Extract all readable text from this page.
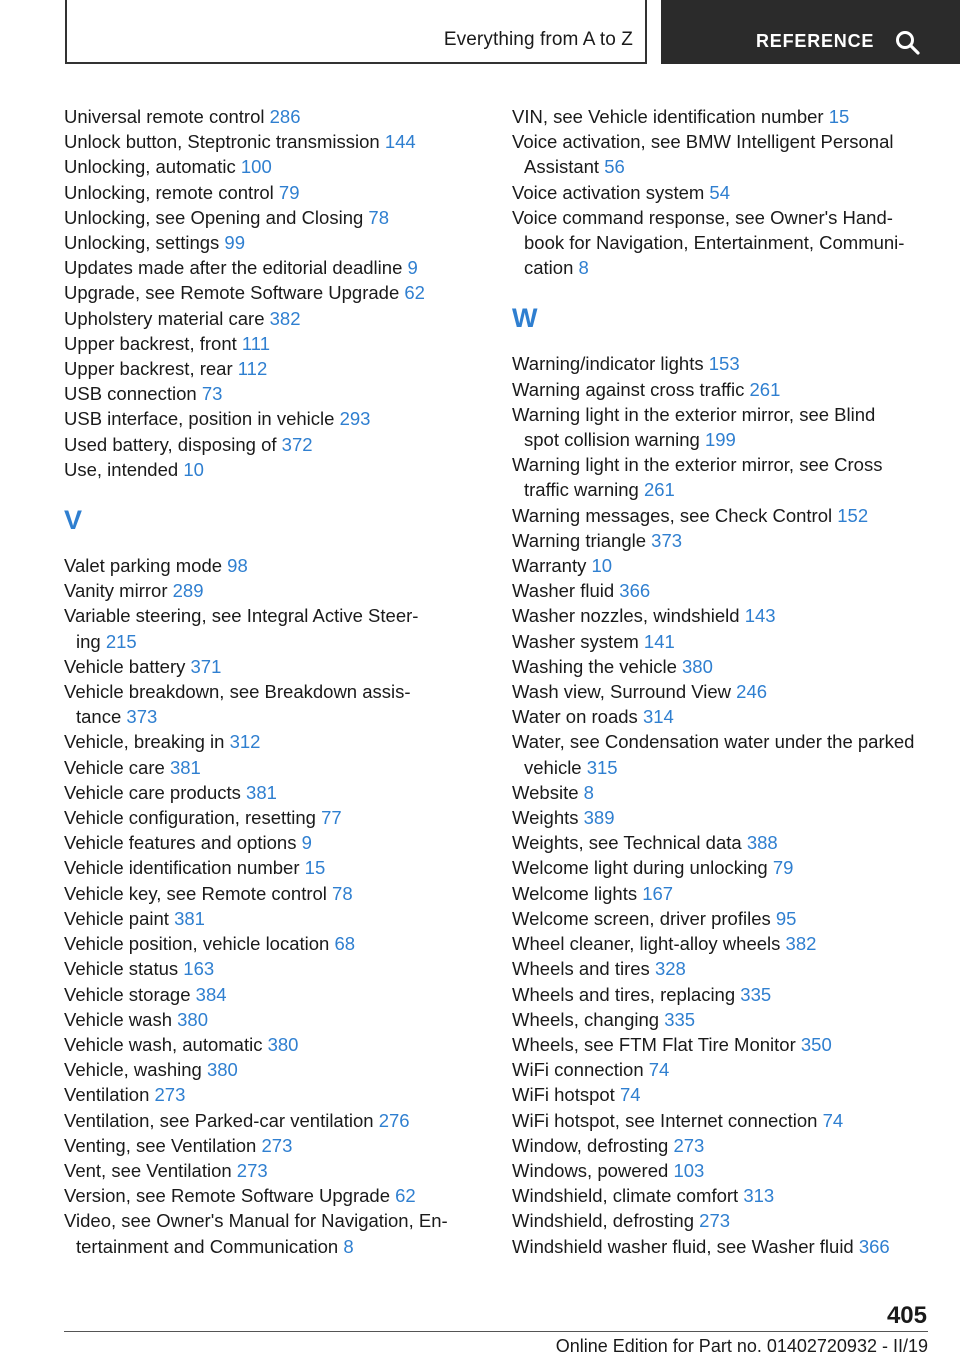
Everything from A to Z	REFERENCE
Universal remote control 286
Unlock button, Steptronic transmission 144
Unlocking, automatic 100
Unlocking, remote control 79
Unlocking, see Opening and Closing 78
Unlocking, settings 99
Updates made after the editorial deadline 9
Upgrade, see Remote Software Upgrade 62
Upholstery material care 382
Upper backrest, front 111
Upper backrest, rear 112
USB connection 73
USB interface, position in vehicle 293
Used battery, disposing of 372
Use, intended 10
V
Valet parking mode 98
Vanity mirror 289
Variable steering, see Integral Active Steer-
ing 215
Vehicle battery 371
Vehicle breakdown, see Breakdown assis-
tance 373
Vehicle, breaking in 312
Vehicle care 381
Vehicle care products 381
Vehicle configuration, resetting 77
Vehicle features and options 9
Vehicle identification number 15
Vehicle key, see Remote control 78
Vehicle paint 381
Vehicle position, vehicle location 68
Vehicle status 163
Vehicle storage 384
Vehicle wash 380
Vehicle wash, automatic 380
Vehicle, washing 380
Ventilation 273
Ventilation, see Parked-car ventilation 276
Venting, see Ventilation 273
Vent, see Ventilation 273
Version, see Remote Software Upgrade 62
Video, see Owner's Manual for Navigation, En-
tertainment and Communication 8
VIN, see Vehicle identification number 15
Voice activation, see BMW Intelligent Personal
Assistant 56
Voice activation system 54
Voice command response, see Owner's Hand-
book for Navigation, Entertainment, Communi-
cation 8
W
Warning/indicator lights 153
Warning against cross traffic 261
Warning light in the exterior mirror, see Blind
spot collision warning 199
Warning light in the exterior mirror, see Cross
traffic warning 261
Warning messages, see Check Control 152
Warning triangle 373
Warranty 10
Washer fluid 366
Washer nozzles, windshield 143
Washer system 141
Washing the vehicle 380
Wash view, Surround View 246
Water on roads 314
Water, see Condensation water under the parked
vehicle 315
Website 8
Weights 389
Weights, see Technical data 388
Welcome light during unlocking 79
Welcome lights 167
Welcome screen, driver profiles 95
Wheel cleaner, light-alloy wheels 382
Wheels and tires 328
Wheels and tires, replacing 335
Wheels, changing 335
Wheels, see FTM Flat Tire Monitor 350
WiFi connection 74
WiFi hotspot 74
WiFi hotspot, see Internet connection 74
Window, defrosting 273
Windows, powered 103
Windshield, climate comfort 313
Windshield, defrosting 273
Windshield washer fluid, see Washer fluid 366
405
Online Edition for Part no. 01402720932 - II/19
